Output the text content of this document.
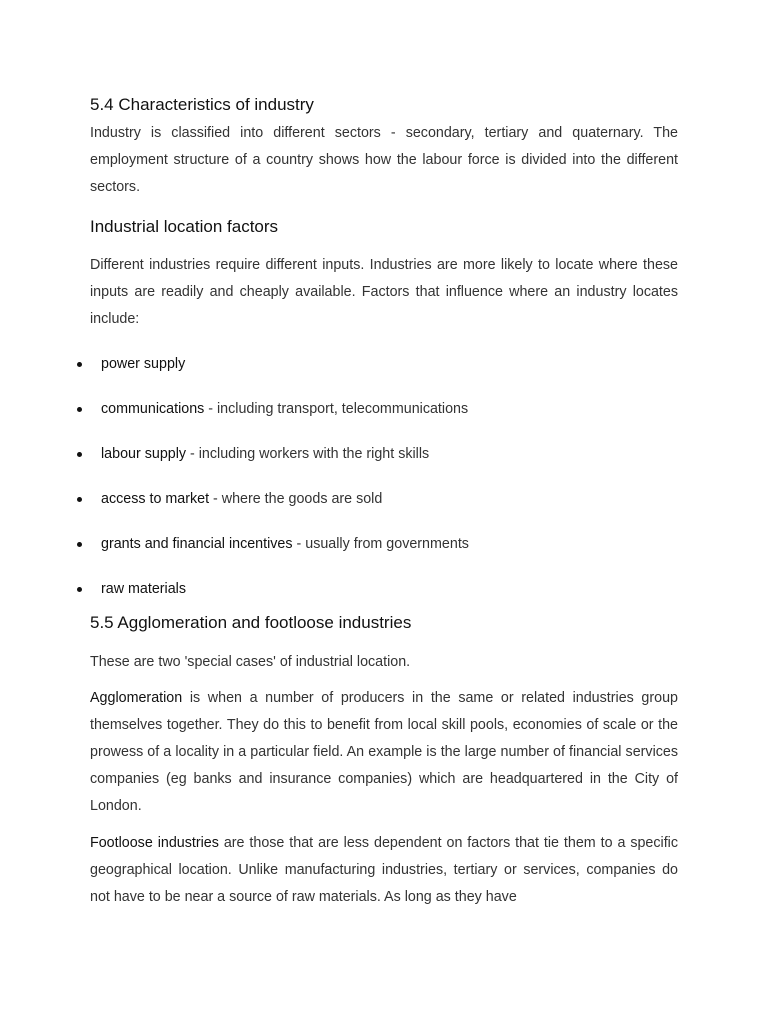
5.4 Characteristics of industry

Industry is classified into different sectors - secondary, tertiary and quaternary. The employment structure of a country shows how the labour force is divided into the different sectors.

Industrial location factors

Different industries require different inputs. Industries are more likely to locate where these inputs are readily and cheaply available. Factors that influence where an industry locates include:

power supply
communications - including transport, telecommunications
labour supply - including workers with the right skills
access to market - where the goods are sold
grants and financial incentives - usually from governments
raw materials
5.5 Agglomeration and footloose industries

These are two 'special cases' of industrial location.

Agglomeration is when a number of producers in the same or related industries group themselves together. They do this to benefit from local skill pools, economies of scale or the prowess of a locality in a particular field. An example is the large number of financial services companies (eg banks and insurance companies) which are headquartered in the City of London.

Footloose industries are those that are less dependent on factors that tie them to a specific geographical location. Unlike manufacturing industries, tertiary or services, companies do not have to be near a source of raw materials. As long as they have
